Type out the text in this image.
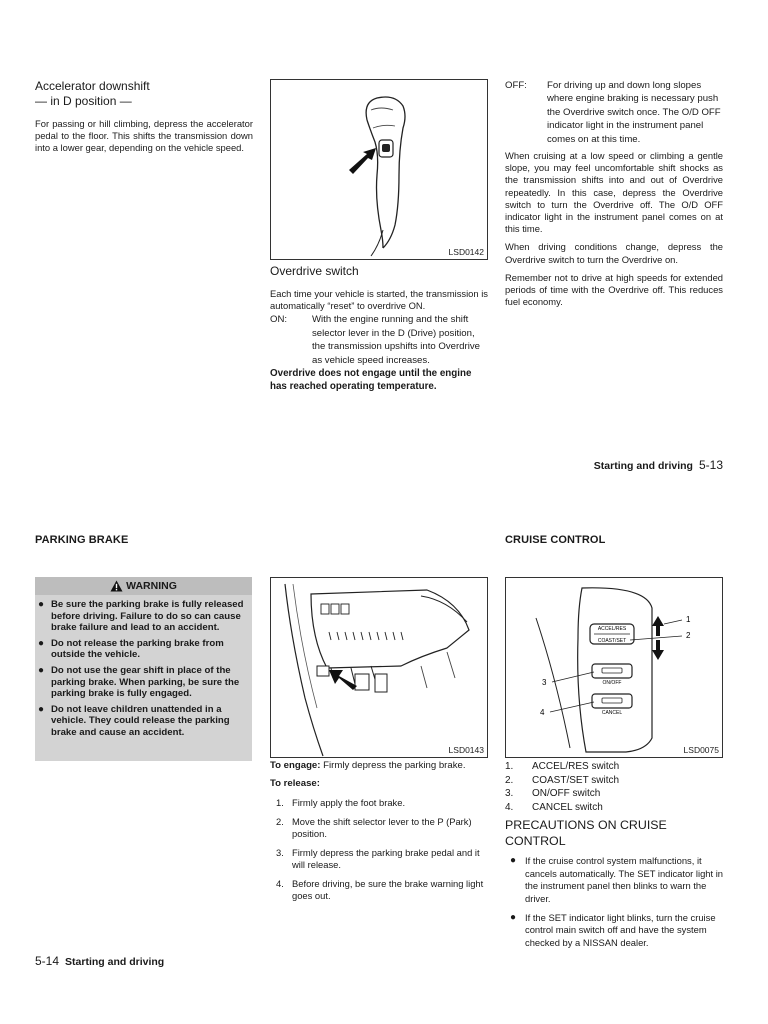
Accelerator downshift
— in D position —

For passing or hill climbing, depress the accelerator pedal to the floor. This shifts the transmission down into a lower gear, depending on the vehicle speed.

LSD0142
Overdrive switch

Each time your vehicle is started, the transmission is automatically “reset” to overdrive ON.

ON:	With the engine running and the shift selector lever in the D (Drive) position, the transmission upshifts into Overdrive as vehicle speed increases.

Overdrive does not engage until the engine has reached operating temperature.

OFF:	For driving up and down long slopes where engine braking is necessary push the Overdrive switch once. The O/D OFF indicator light in the instrument panel comes on at this time.

When cruising at a low speed or climbing a gentle slope, you may feel uncomfortable shift shocks as the transmission shifts into and out of Overdrive repeatedly. In this case, depress the Overdrive switch to turn the Overdrive off. The O/D OFF indicator light in the instrument panel comes on at this time.

When driving conditions change, depress the Overdrive switch to turn the Overdrive on.

Remember not to drive at high speeds for extended periods of time with the Overdrive off. This reduces fuel economy.

Starting and driving 5-13
PARKING BRAKE
WARNING
● Be sure the parking brake is fully released before driving. Failure to do so can cause brake failure and lead to an accident.
● Do not release the parking brake from outside the vehicle.
● Do not use the gear shift in place of the parking brake. When parking, be sure the parking brake is fully engaged.
● Do not leave children unattended in a vehicle. They could release the parking brake and cause an accident.
LSD0143

To engage: Firmly depress the parking brake.

To release:

1. Firmly apply the foot brake.
2. Move the shift selector lever to the P (Park) position.
3. Firmly depress the parking brake pedal and it will release.
4. Before driving, be sure the brake warning light goes out.
CRUISE CONTROL
ACCEL/RES
COAST/SET
ON/OFF
CANCEL
1
2
3
4
LSD0075
1.	ACCEL/RES switch
2.	COAST/SET switch
3.	ON/OFF switch
4.	CANCEL switch
PRECAUTIONS ON CRUISE
CONTROL
● If the cruise control system malfunctions, it cancels automatically. The SET indicator light in the instrument panel then blinks to warn the driver.
● If the SET indicator light blinks, turn the cruise control main switch off and have the system checked by a NISSAN dealer.
5-14 Starting and driving
